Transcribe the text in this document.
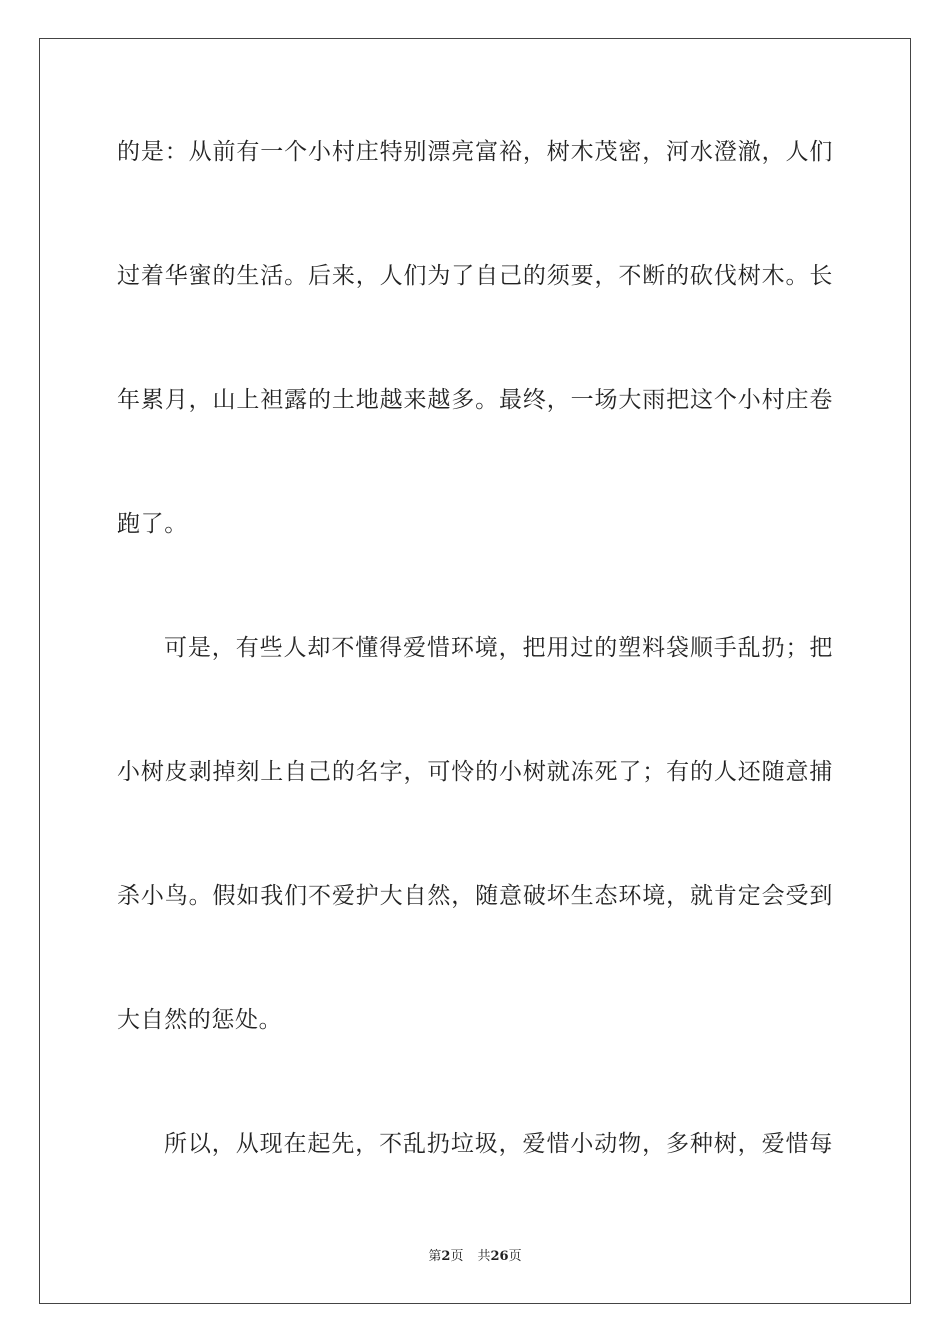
的是：从前有一个小村庄特别漂亮富裕，树木茂密，河水澄澈，人们
过着华蜜的生活。后来，人们为了自己的须要，不断的砍伐树木。长
年累月，山上袒露的土地越来越多。最终，一场大雨把这个小村庄卷
跑了。
可是，有些人却不懂得爱惜环境，把用过的塑料袋顺手乱扔；把
小树皮剥掉刻上自己的名字，可怜的小树就冻死了；有的人还随意捕
杀小鸟。假如我们不爱护大自然，随意破坏生态环境，就肯定会受到
大自然的惩处。
所以，从现在起先，不乱扔垃圾，爱惜小动物，多种树，爱惜每
第2页 共26页
